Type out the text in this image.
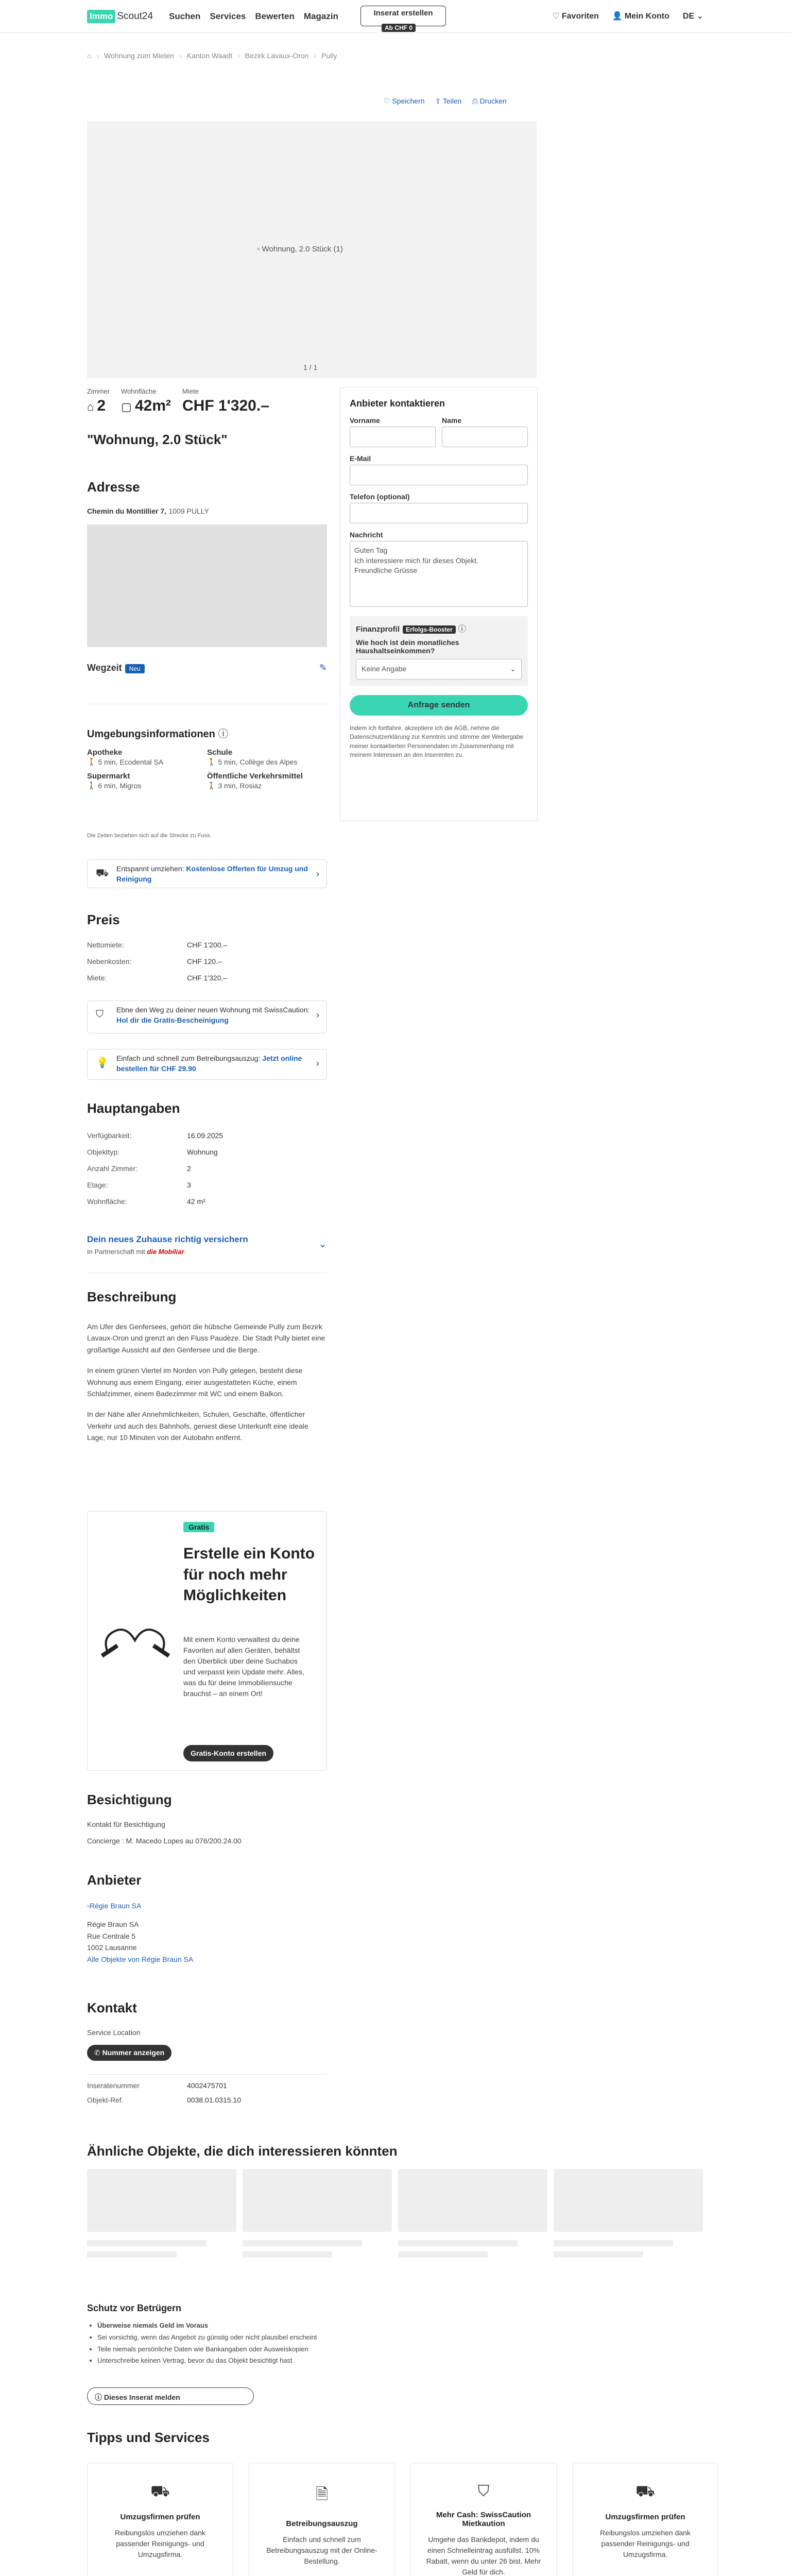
Immo Scout24 Suchen Services Bewerten Magazin	Inserat erstellen
Ab CHF 0
♡ Favoriten 👤 Mein Konto DE ⌄
⌂ › Wohnung zum Mieten › Kanton Waadt › Bezirk Lavaux-Oron › Pully
♡ Speichern ⇪ Teilen ⎙ Drucken
▫ Wohnung, 2.0 Stück (1)
1 / 1
Zimmer
⌂ 2
Wohnfläche
▢ 42m²
Miete
CHF 1'320.–
"Wohnung, 2.0 Stück"
Anbieter kontaktieren
Vorname	Name
E-Mail
Telefon (optional)
Nachricht
Guten Tag
Ich interessiere mich für dieses Objekt.
Freundliche Grüsse
Finanzprofil Erfolgs-Booster ⓘ
Wie hoch ist dein monatliches Haushaltseinkommen?
Keine Angabe	⌄
Anfrage senden
Indem ich fortfahre, akzeptiere ich die AGB, nehme die Datenschutzerklärung zur Kenntnis und stimme der Weitergabe meiner kontaktierten Personendaten im Zusammenhang mit meinem Interessen an den Inserenten zu.
Adresse
Chemin du Montillier 7, 1009 PULLY
Wegzeit Neu	✎
Umgebungsinformationen ⓘ
Apotheke
🚶 5 min, Ecodental SA
Schule
🚶 5 min, Collège des Alpes
Supermarkt
🚶 6 min, Migros
Öffentliche Verkehrsmittel
🚶 3 min, Rosiaz
Die Zeiten beziehen sich auf die Strecke zu Fuss.
⛟ Entspannt umziehen: Kostenlose Offerten für Umzug und Reinigung	›
Preis
Nettomiete:	CHF 1'200.–
Nebenkosten:	CHF 120.–
Miete:	CHF 1'320.–
⛉ Ebne den Weg zu deiner neuen Wohnung mit SwissCaution: Hol dir die Gratis-Bescheinigung	›
💡 Einfach und schnell zum Betreibungsauszug: Jetzt online bestellen für CHF 29.90	›
Hauptangaben
Verfügbarkeit:	16.09.2025
Objekttyp:	Wohnung
Anzahl Zimmer:	2
Etage:	3
Wohnfläche:	42 m²
Dein neues Zuhause richtig versichern
In Partnerschaft mit die Mobiliar
⌄
Beschreibung

Am Ufer des Genfersees, gehört die hübsche Gemeinde Pully zum Bezirk Lavaux-Oron und grenzt an den Fluss Paudèze. Die Stadt Pully bietet eine großartige Aussicht auf den Genfersee und die Berge.

In einem grünen Viertel im Norden von Pully gelegen, besteht diese Wohnung aus einem Eingang, einer ausgestatteten Küche, einem Schlafzimmer, einem Badezimmer mit WC und einem Balkon.

In der Nähe aller Annehmlichkeiten, Schulen, Geschäfte, öffentlicher Verkehr und auch des Bahnhofs, geniest diese Unterkunft eine ideale Lage, nur 10 Minuten von der Autobahn entfernt.

Gratis
Erstelle ein Konto für noch mehr Möglichkeiten
Mit einem Konto verwaltest du deine Favoriten auf allen Geräten, behältst den Überblick über deine Suchabos und verpasst kein Update mehr. Alles, was du für deine Immobiliensuche brauchst – an einem Ort!
Gratis-Konto erstellen
Besichtigung
Kontakt für Besichtigung
Concierge : M. Macedo Lopes au 076/200.24.00
Anbieter
▫Régie Braun SA
Régie Braun SA
Rue Centrale 5
1002 Lausanne
Alle Objekte von Régie Braun SA
Kontakt
Service Location
✆ Nummer anzeigen
Inseratenummer	4002475701
Objekt-Ref.	0038.01.0315.10
Ähnliche Objekte, die dich interessieren könnten
Schutz vor Betrügern
• Überweise niemals Geld im Voraus
• Sei vorsichtig, wenn das Angebot zu günstig oder nicht plausibel erscheint
• Teile niemals persönliche Daten wie Bankangaben oder Ausweiskopien
• Unterschreibe keinen Vertrag, bevor du das Objekt besichtigt hast
ⓘ Dieses Inserat melden
Tipps und Services
⛟
Umzugsfirmen prüfen
Reibungslos umziehen dank passender Reinigungs- und Umzugsfirma.
🗎
Betreibungsauszug
Einfach und schnell zum Betreibungsauszug mit der Online-Bestellung.
⛉
Mehr Cash: SwissCaution Mietkaution
Umgehe das Bankdepot, indem du einen Schnelleintrag ausfüllst. 10% Rabatt, wenn du unter 26 bist. Mehr Geld für dich.
⛟
Umzugsfirmen prüfen
Reibungslos umziehen dank passender Reinigungs- und Umzugsfirma.
